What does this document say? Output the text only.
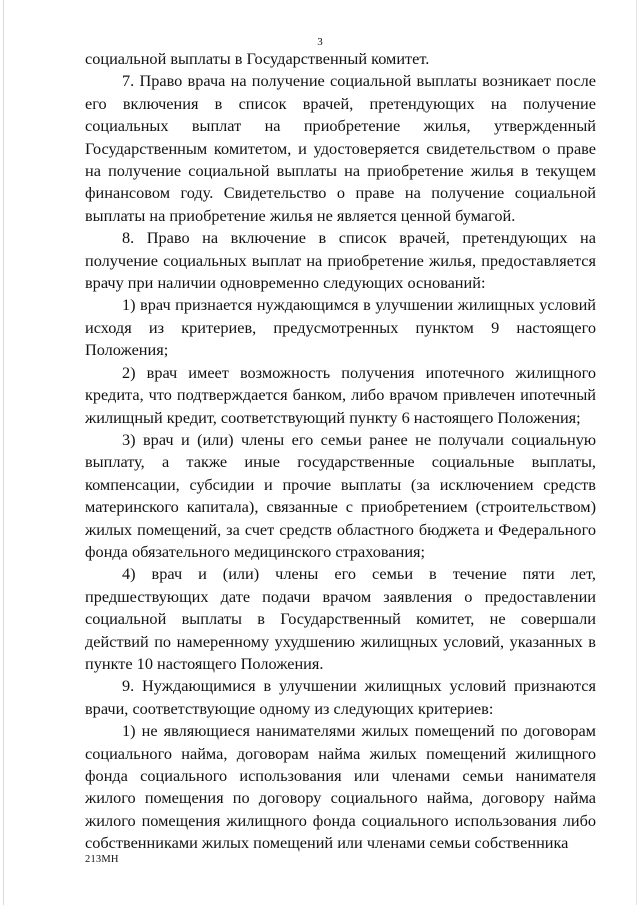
3

социальной выплаты в Государственный комитет.

7. Право врача на получение социальной выплаты возникает после его включения в список врачей, претендующих на получение социальных выплат на приобретение жилья, утвержденный Государственным комитетом, и удостоверяется свидетельством о праве на получение социальной выплаты на приобретение жилья в текущем финансовом году. Свидетельство о праве на получение социальной выплаты на приобретение жилья не является ценной бумагой.

8. Право на включение в список врачей, претендующих на получение социальных выплат на приобретение жилья, предоставляется врачу при наличии одновременно следующих оснований:

1) врач признается нуждающимся в улучшении жилищных условий исходя из критериев, предусмотренных пунктом 9 настоящего Положения;

2) врач имеет возможность получения ипотечного жилищного кредита, что подтверждается банком, либо врачом привлечен ипотечный жилищный кредит, соответствующий пункту 6 настоящего Положения;

3) врач и (или) члены его семьи ранее не получали социальную выплату, а также иные государственные социальные выплаты, компенсации, субсидии и прочие выплаты (за исключением средств материнского капитала), связанные с приобретением (строительством) жилых помещений, за счет средств областного бюджета и Федерального фонда обязательного медицинского страхования;

4) врач и (или) члены его семьи в течение пяти лет, предшествующих дате подачи врачом заявления о предоставлении социальной выплаты в Государственный комитет, не совершали действий по намеренному ухудшению жилищных условий, указанных в пункте 10 настоящего Положения.

9. Нуждающимися в улучшении жилищных условий признаются врачи, соответствующие одному из следующих критериев:

1) не являющиеся нанимателями жилых помещений по договорам социального найма, договорам найма жилых помещений жилищного фонда социального использования или членами семьи нанимателя жилого помещения по договору социального найма, договору найма жилого помещения жилищного фонда социального использования либо собственниками жилых помещений или членами семьи собственника

213МН
